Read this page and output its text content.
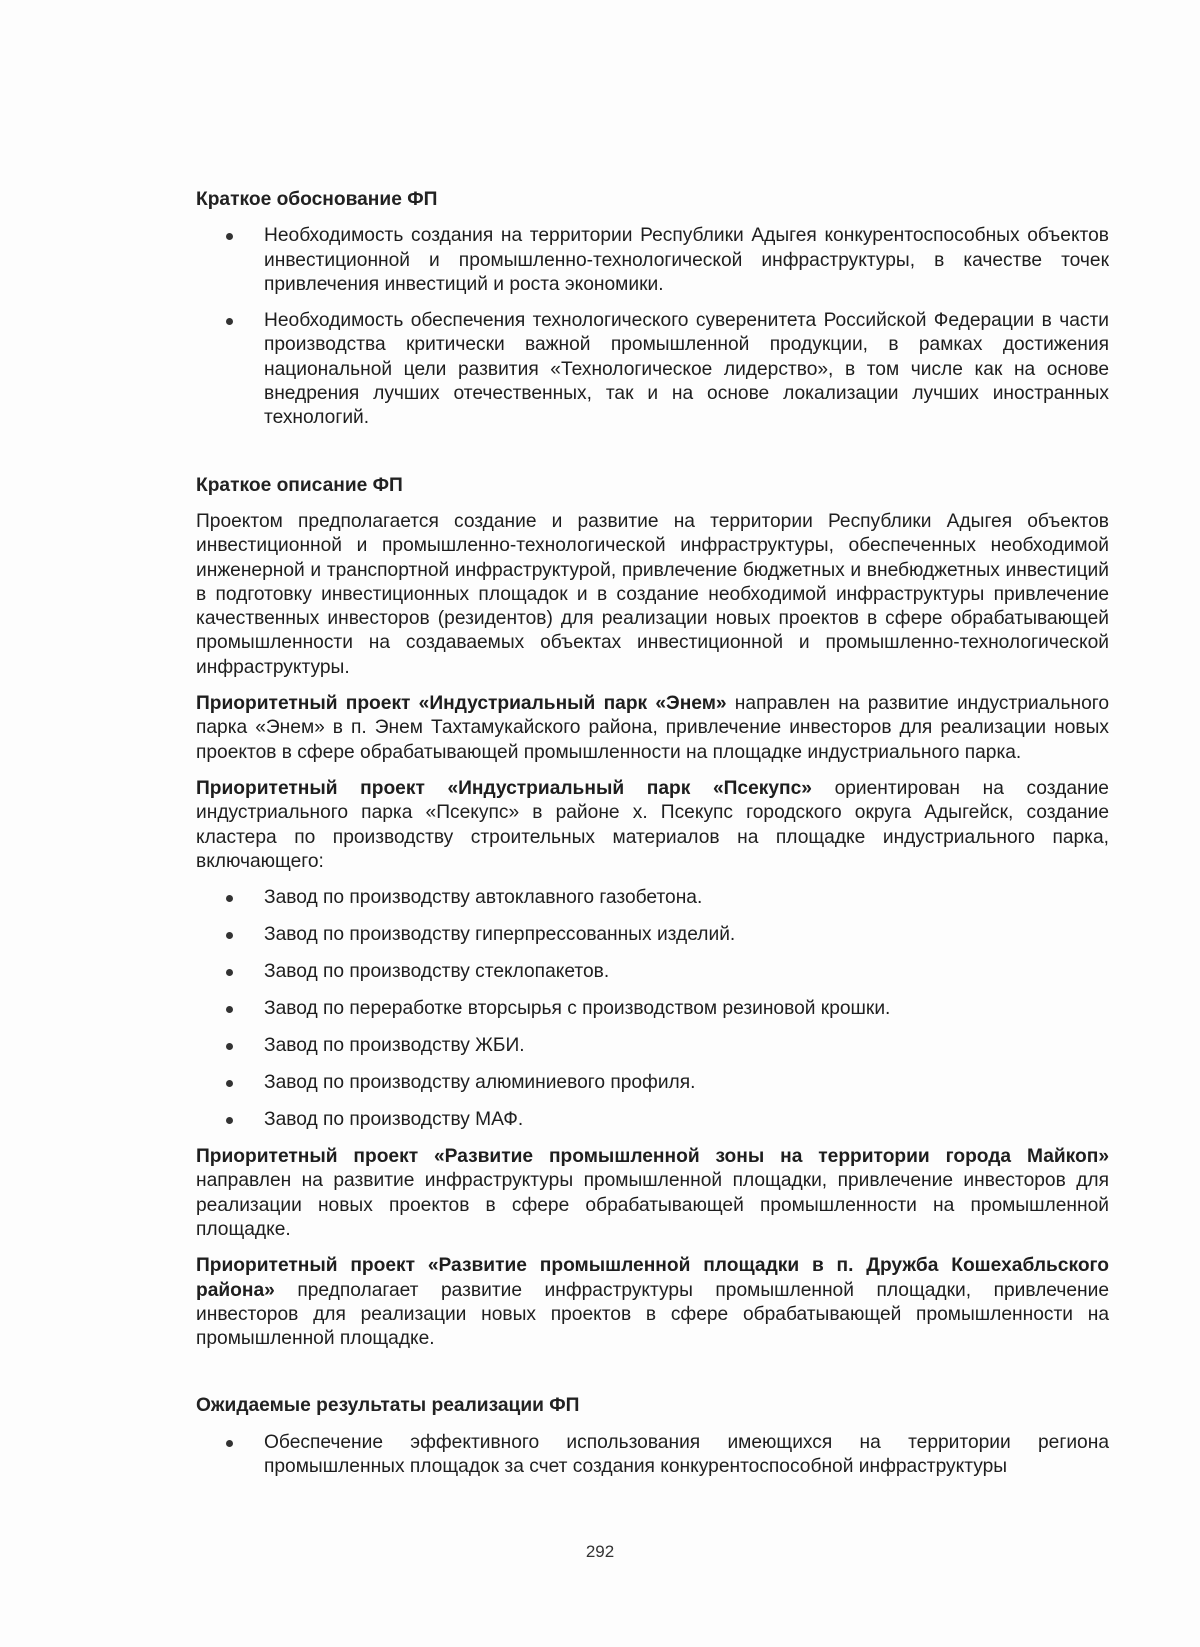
Краткое обоснование ФП

Необходимость создания на территории Республики Адыгея конкурентоспособных объектов инвестиционной и промышленно-технологической инфраструктуры, в качестве точек привлечения инвестиций и роста экономики.
Необходимость обеспечения технологического суверенитета Российской Федерации в части производства критически важной промышленной продукции, в рамках достижения национальной цели развития «Технологическое лидерство», в том числе как на основе внедрения лучших отечественных, так и на основе локализации лучших иностранных технологий.

Краткое описание ФП

Проектом предполагается создание и развитие на территории Республики Адыгея объектов инвестиционной и промышленно-технологической инфраструктуры, обеспеченных необходимой инженерной и транспортной инфраструктурой, привлечение бюджетных и внебюджетных инвестиций в подготовку инвестиционных площадок и в создание необходимой инфраструктуры привлечение качественных инвесторов (резидентов) для реализации новых проектов в сфере обрабатывающей промышленности на создаваемых объектах инвестиционной и промышленно-технологической инфраструктуры.

Приоритетный проект «Индустриальный парк «Энем» направлен на развитие индустриального парка «Энем» в п. Энем Тахтамукайского района, привлечение инвесторов для реализации новых проектов в сфере обрабатывающей промышленности на площадке индустриального парка.

Приоритетный проект «Индустриальный парк «Псекупс» ориентирован на создание индустриального парка «Псекупс» в районе х. Псекупс городского округа Адыгейск, создание кластера по производству строительных материалов на площадке индустриального парка, включающего:

Завод по производству автоклавного газобетона.
Завод по производству гиперпрессованных изделий.
Завод по производству стеклопакетов.
Завод по переработке вторсырья с производством резиновой крошки.
Завод по производству ЖБИ.
Завод по производству алюминиевого профиля.
Завод по производству МАФ.

Приоритетный проект «Развитие промышленной зоны на территории города Майкоп» направлен на развитие инфраструктуры промышленной площадки, привлечение инвесторов для реализации новых проектов в сфере обрабатывающей промышленности на промышленной площадке.

Приоритетный проект «Развитие промышленной площадки в п. Дружба Кошехабльского района» предполагает развитие инфраструктуры промышленной площадки, привлечение инвесторов для реализации новых проектов в сфере обрабатывающей промышленности на промышленной площадке.

Ожидаемые результаты реализации ФП

Обеспечение эффективного использования имеющихся на территории региона промышленных площадок за счет создания конкурентоспособной инфраструктуры
292
